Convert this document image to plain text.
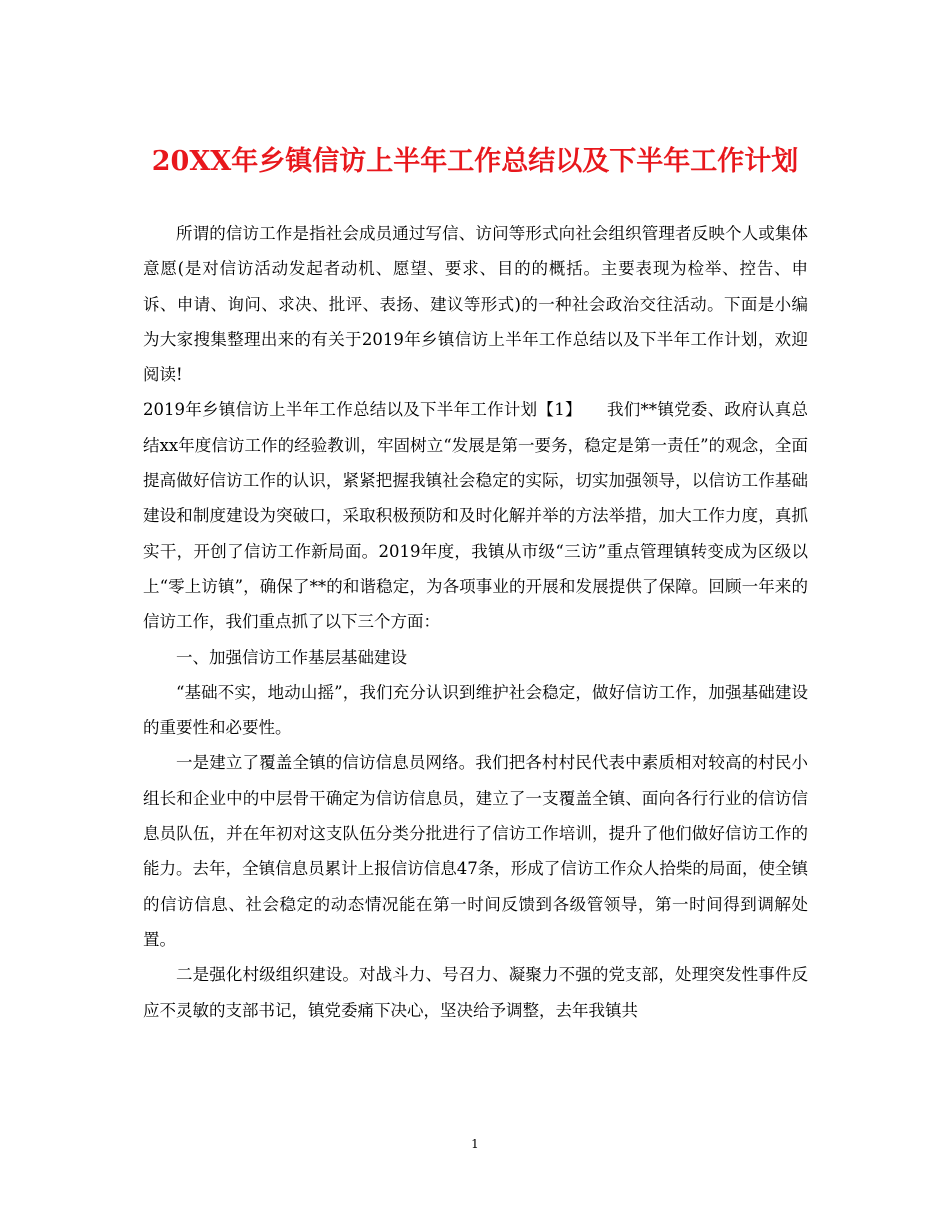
20XX年乡镇信访上半年工作总结以及下半年工作计划

所谓的信访工作是指社会成员通过写信、访问等形式向社会组织管理者反映个人或集体意愿(是对信访活动发起者动机、愿望、要求、目的的概括。主要表现为检举、控告、申诉、申请、询问、求决、批评、表扬、建议等形式)的一种社会政治交往活动。下面是小编为大家搜集整理出来的有关于2019年乡镇信访上半年工作总结以及下半年工作计划，欢迎阅读!

2019年乡镇信访上半年工作总结以及下半年工作计划【1】　　我们**镇党委、政府认真总结xx年度信访工作的经验教训，牢固树立“发展是第一要务，稳定是第一责任”的观念，全面提高做好信访工作的认识，紧紧把握我镇社会稳定的实际，切实加强领导，以信访工作基础建设和制度建设为突破口，采取积极预防和及时化解并举的方法举措，加大工作力度，真抓实干，开创了信访工作新局面。2019年度，我镇从市级“三访”重点管理镇转变成为区级以上“零上访镇”，确保了**的和谐稳定，为各项事业的开展和发展提供了保障。回顾一年来的信访工作，我们重点抓了以下三个方面：

一、加强信访工作基层基础建设

“基础不实，地动山摇”，我们充分认识到维护社会稳定，做好信访工作，加强基础建设的重要性和必要性。

一是建立了覆盖全镇的信访信息员网络。我们把各村村民代表中素质相对较高的村民小组长和企业中的中层骨干确定为信访信息员，建立了一支覆盖全镇、面向各行行业的信访信息员队伍，并在年初对这支队伍分类分批进行了信访工作培训，提升了他们做好信访工作的能力。去年，全镇信息员累计上报信访信息47条，形成了信访工作众人拾柴的局面，使全镇的信访信息、社会稳定的动态情况能在第一时间反馈到各级管领导，第一时间得到调解处置。

二是强化村级组织建设。对战斗力、号召力、凝聚力不强的党支部，处理突发性事件反应不灵敏的支部书记，镇党委痛下决心，坚决给予调整，去年我镇共

1
